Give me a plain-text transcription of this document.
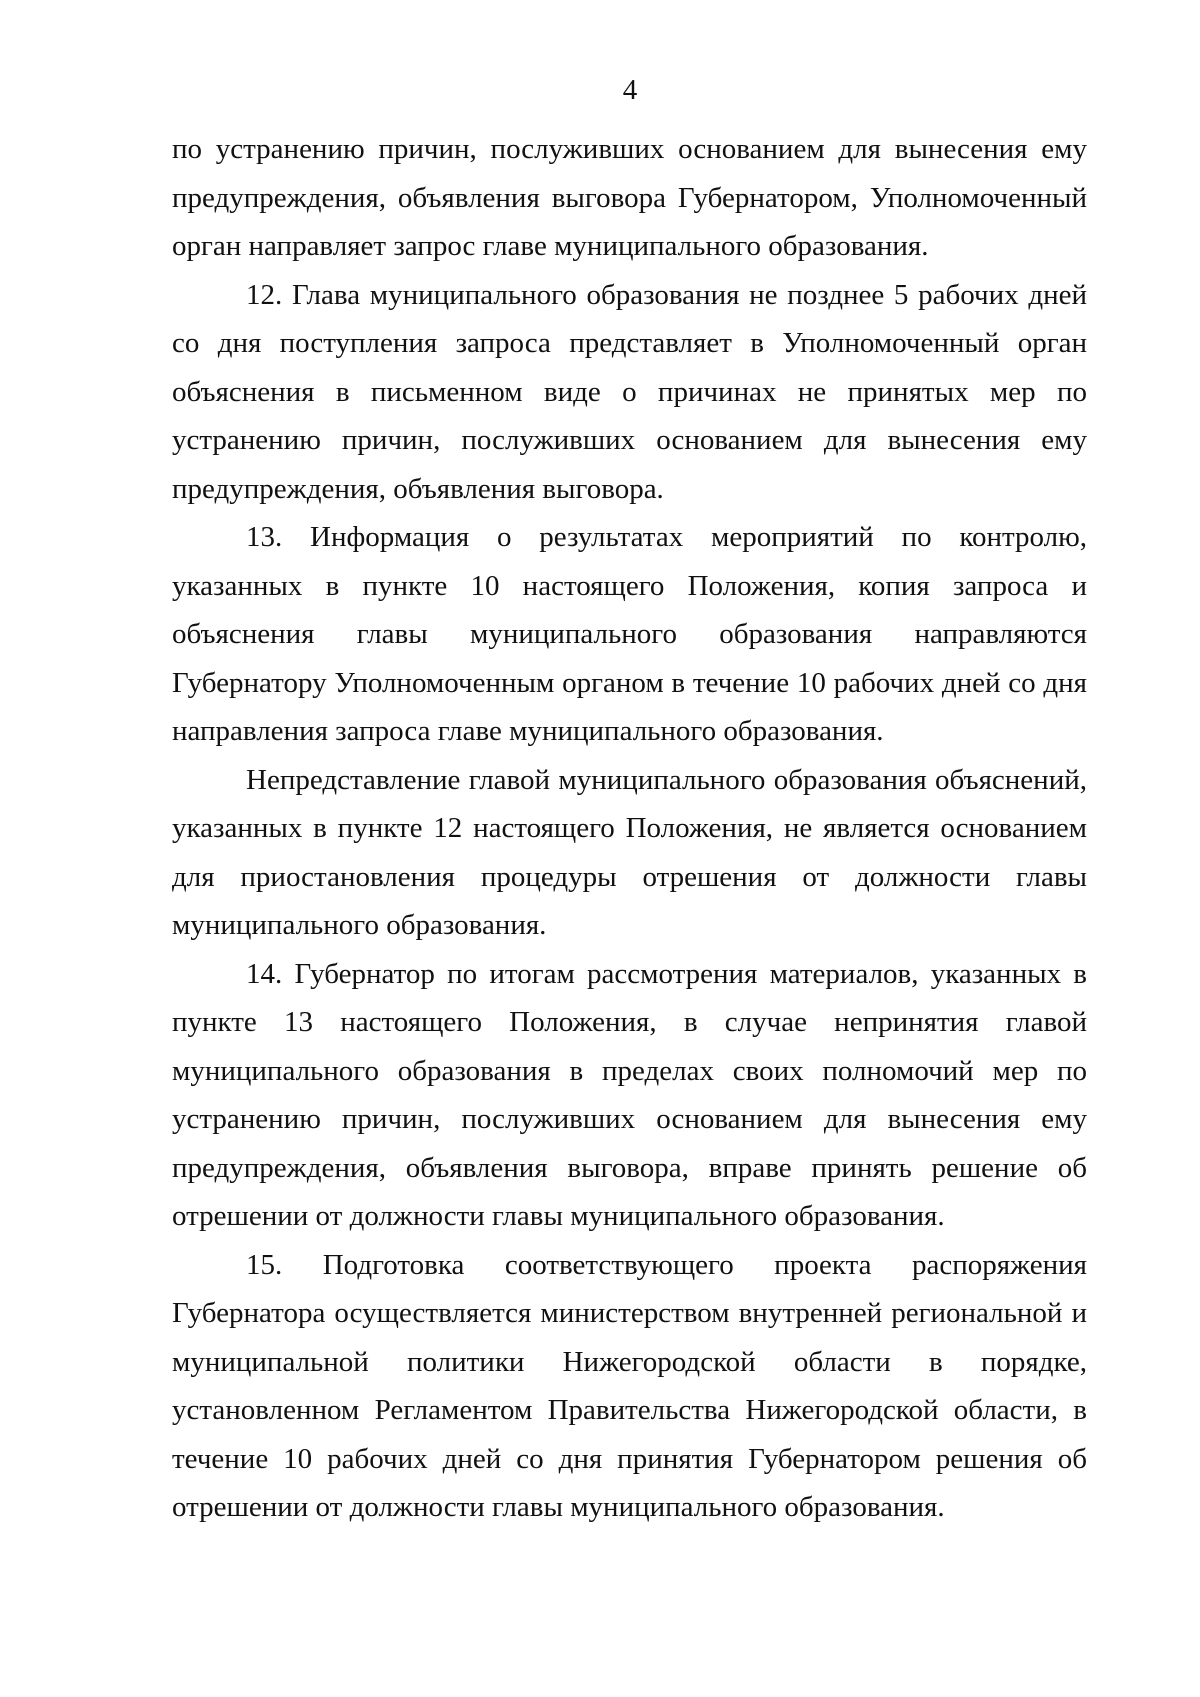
4

по устранению причин, послуживших основанием для вынесения ему предупреждения, объявления выговора Губернатором, Уполномоченный орган направляет запрос главе муниципального образования.

12. Глава муниципального образования не позднее 5 рабочих дней со дня поступления запроса представляет в Уполномоченный орган объяснения в письменном виде о причинах не принятых мер по устранению причин, послуживших основанием для вынесения ему предупреждения, объявления выговора.

13. Информация о результатах мероприятий по контролю, указанных в пункте 10 настоящего Положения, копия запроса и объяснения главы муниципального образования направляются Губернатору Уполномоченным органом в течение 10 рабочих дней со дня направления запроса главе муниципального образования.

Непредставление главой муниципального образования объяснений, указанных в пункте 12 настоящего Положения, не является основанием для приостановления процедуры отрешения от должности главы муниципального образования.

14. Губернатор по итогам рассмотрения материалов, указанных в пункте 13 настоящего Положения, в случае непринятия главой муниципального образования в пределах своих полномочий мер по устранению причин, послуживших основанием для вынесения ему предупреждения, объявления выговора, вправе принять решение об отрешении от должности главы муниципального образования.

15. Подготовка соответствующего проекта распоряжения Губернатора осуществляется министерством внутренней региональной и муниципальной политики Нижегородской области в порядке, установленном Регламентом Правительства Нижегородской области, в течение 10 рабочих дней со дня принятия Губернатором решения об отрешении от должности главы муниципального образования.
